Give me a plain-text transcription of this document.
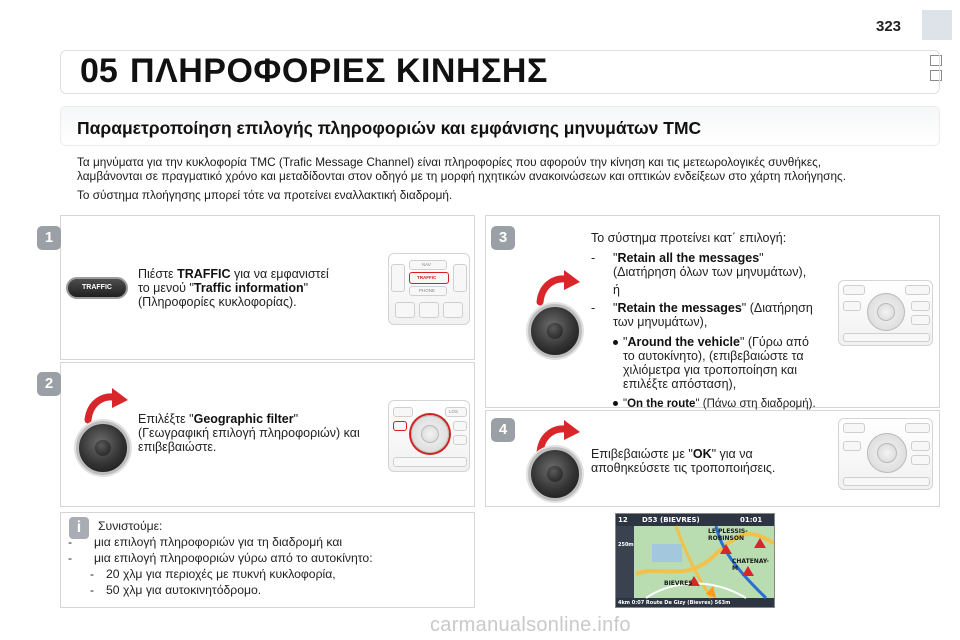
323
05 ΠΛΗΡΟΦΟΡΙΕΣ ΚΙΝΗΣΗΣ
Παραμετροποίηση επιλογής πληροφοριών και εμφάνισης μηνυμάτων TMC
Τα μηνύματα για την κυκλοφορία TMC (Trafic Message Channel) είναι πληροφορίες που αφορούν την κίνηση και τις μετεωρολογικές συνθήκες,
λαμβάνονται σε πραγματικό χρόνο και μεταδίδονται στον οδηγό με τη μορφή ηχητικών ανακοινώσεων και οπτικών ενδείξεων στο χάρτη πλοήγησης.
Το σύστημα πλοήγησης μπορεί τότε να προτείνει εναλλακτική διαδρομή.
1
2
3
4
TRAFFIC
Πιέστε TRAFFIC για να εμφανιστεί
το μενού "Traffic information"
(Πληροφορίες κυκλοφορίας).
NAV
TRAFFIC
PHONE
Επιλέξτε "Geographic filter"
(Γεωγραφική επιλογή πληροφοριών) και
επιβεβαιώστε.
LOS
Το σύστημα προτείνει κατ΄ επιλογή:
- "Retain all the messages"
(Διατήρηση όλων των μηνυμάτων),
ή
- "Retain the messages" (Διατήρηση
των μηνυμάτων),
"Around the vehicle" (Γύρω από
το αυτοκίνητο), (επιβεβαιώστε τα
χιλιόμετρα για τροποποίηση και
επιλέξτε απόσταση),
"On the route" (Πάνω στη διαδρομή).
Επιβεβαιώστε με "OK" για να
αποθηκεύσετε τις τροποποιήσεις.
i	Συνιστούμε:
- μια επιλογή πληροφοριών για τη διαδρομή και
- μια επιλογή πληροφοριών γύρω από το αυτοκίνητο:
- 20 χλμ για περιοχές με πυκνή κυκλοφορία,
- 50 χλμ για αυτοκινητόδρομο.
12 D53 (BIEVRES)	01:01
LE PLESSIS-ROBINSON
CHATENAY-M
BIEVRES
250m
4km 0:07 Route De Gizy (Bievres) 563m
carmanualsonline.info
